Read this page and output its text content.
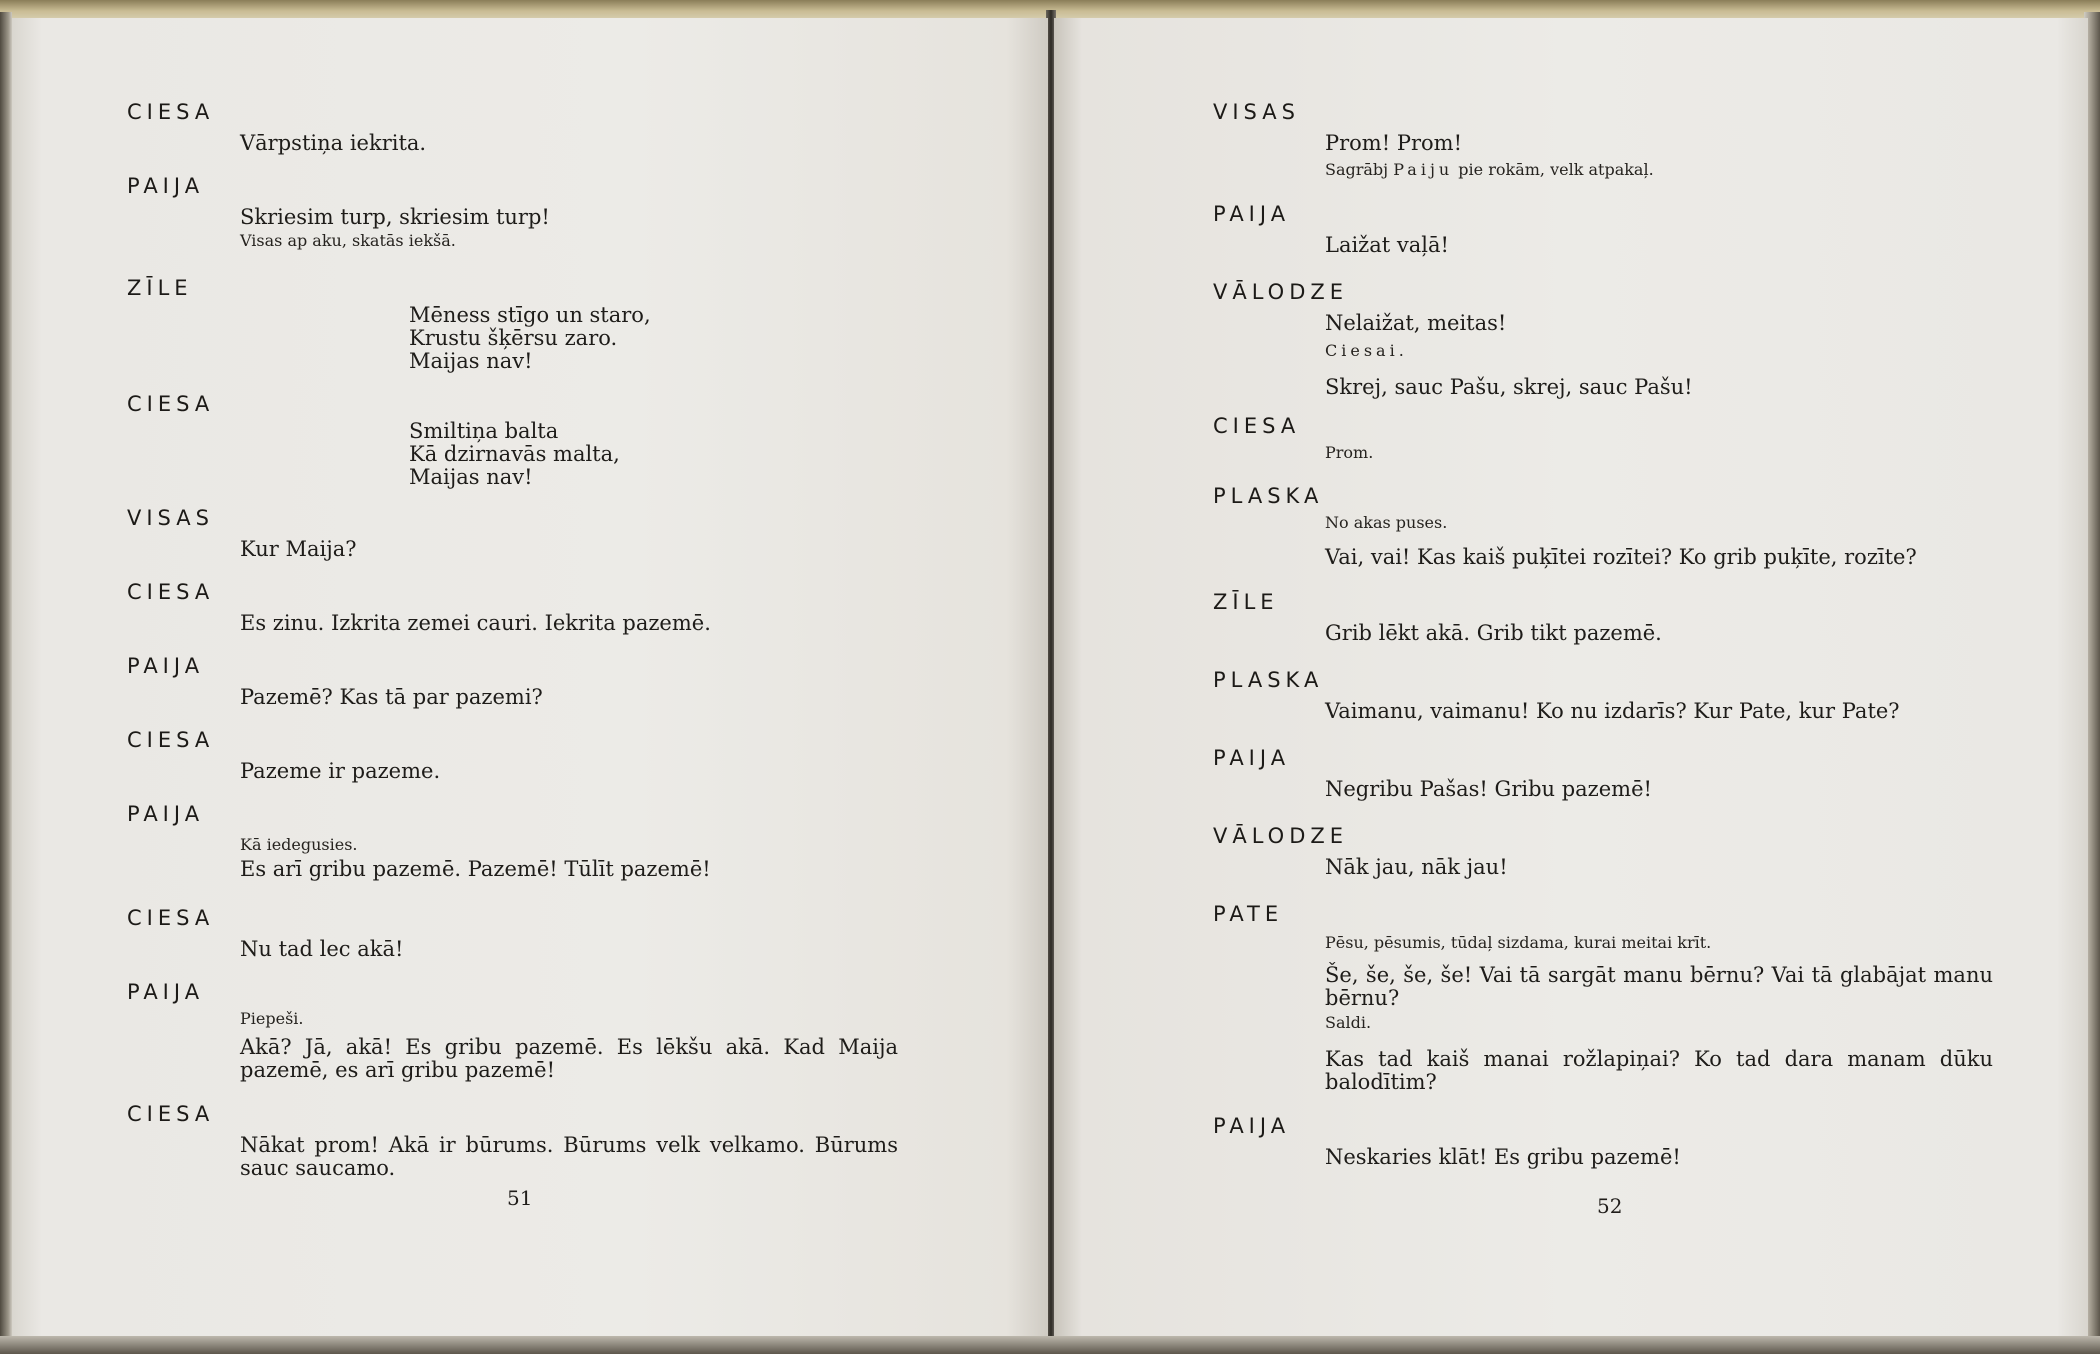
CIESA
Vārpstiņa iekrita.
PAIJA
Skriesim turp, skriesim turp!
Visas ap aku, skatās iekšā.
ZĪLE
Mēness stīgo un staro,
Krustu šķērsu zaro.
Maijas nav!
CIESA
Smiltiņa balta
Kā dzirnavās malta,
Maijas nav!
VISAS
Kur Maija?
CIESA
Es zinu. Izkrita zemei cauri. Iekrita pazemē.
PAIJA
Pazemē? Kas tā par pazemi?
CIESA
Pazeme ir pazeme.
PAIJA
Kā iedegusies.
Es arī gribu pazemē. Pazemē! Tūlīt pazemē!
CIESA
Nu tad lec akā!
PAIJA
Piepeši.
Akā? Jā, akā! Es gribu pazemē. Es lēkšu akā. Kad Maija pazemē, es arī gribu pazemē!
CIESA
Nākat prom! Akā ir būrums. Būrums velk velkamo. Būrums sauc saucamo.
51
VISAS
Prom! Prom!
Sagrābj Paiju pie rokām, velk atpakaļ.
PAIJA
Laižat vaļā!
VĀLODZE
Nelaižat, meitas!
Ciesai.
Skrej, sauc Pašu, skrej, sauc Pašu!
CIESA
Prom.
PLASKA
No akas puses.
Vai, vai! Kas kaiš puķītei rozītei? Ko grib puķīte, rozīte?
ZĪLE
Grib lēkt akā. Grib tikt pazemē.
PLASKA
Vaimanu, vaimanu! Ko nu izdarīs? Kur Pate, kur Pate?
PAIJA
Negribu Pašas! Gribu pazemē!
VĀLODZE
Nāk jau, nāk jau!
PATE
Pēsu, pēsumis, tūdaļ sizdama, kurai meitai krīt.
Še, še, še, še! Vai tā sargāt manu bērnu? Vai tā glabājat manu bērnu?
Saldi.
Kas tad kaiš manai rožlapiņai? Ko tad dara manam dūku balodītim?
PAIJA
Neskaries klāt! Es gribu pazemē!
52
